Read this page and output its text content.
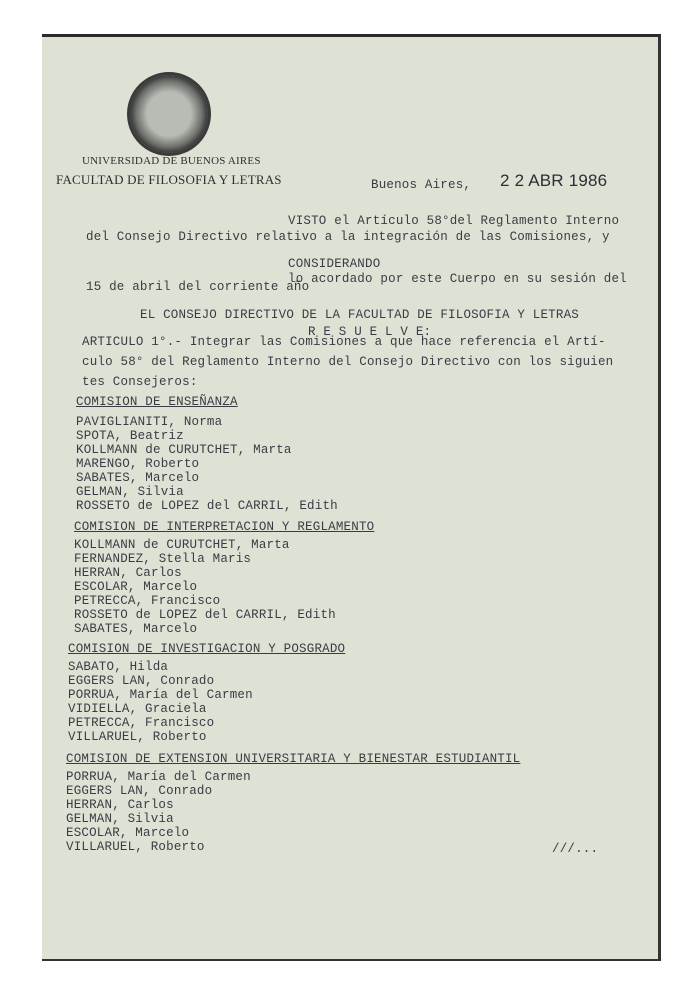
UNIVERSIDAD DE BUENOS AIRES
FACULTAD DE FILOSOFIA Y LETRAS	Buenos Aires, 2 2 ABR 1986
VISTO el Artículo 58°del Reglamento Interno
del Consejo Directivo relativo a la integración de las Comisiones, y
CONSIDERANDO
lo acordado por este Cuerpo en su sesión del
15 de abril del corriente año
EL CONSEJO DIRECTIVO DE LA FACULTAD DE FILOSOFIA Y LETRAS
R E S U E L V E:
ARTICULO 1°.- Integrar las Comisiones a que hace referencia el Artí-
culo 58° del Reglamento Interno del Consejo Directivo con los siguien
tes Consejeros:
COMISION DE ENSEÑANZA
PAVIGLIANITI, Norma
SPOTA, Beatriz
KOLLMANN de CURUTCHET, Marta
MARENGO, Roberto
SABATES, Marcelo
GELMAN, Silvia
ROSSETO de LOPEZ del CARRIL, Edith
COMISION DE INTERPRETACION Y REGLAMENTO
KOLLMANN de CURUTCHET, Marta
FERNANDEZ, Stella Maris
HERRAN, Carlos
ESCOLAR, Marcelo
PETRECCA, Francisco
ROSSETO de LOPEZ del CARRIL, Edith
SABATES, Marcelo
COMISION DE INVESTIGACION Y POSGRADO
SABATO, Hilda
EGGERS LAN, Conrado
PORRUA, María del Carmen
VIDIELLA, Graciela
PETRECCA, Francisco
VILLARUEL, Roberto
COMISION DE EXTENSION UNIVERSITARIA Y BIENESTAR ESTUDIANTIL
PORRUA, María del Carmen
EGGERS LAN, Conrado
HERRAN, Carlos
GELMAN, Silvia
ESCOLAR, Marcelo
VILLARUEL, Roberto	///...
